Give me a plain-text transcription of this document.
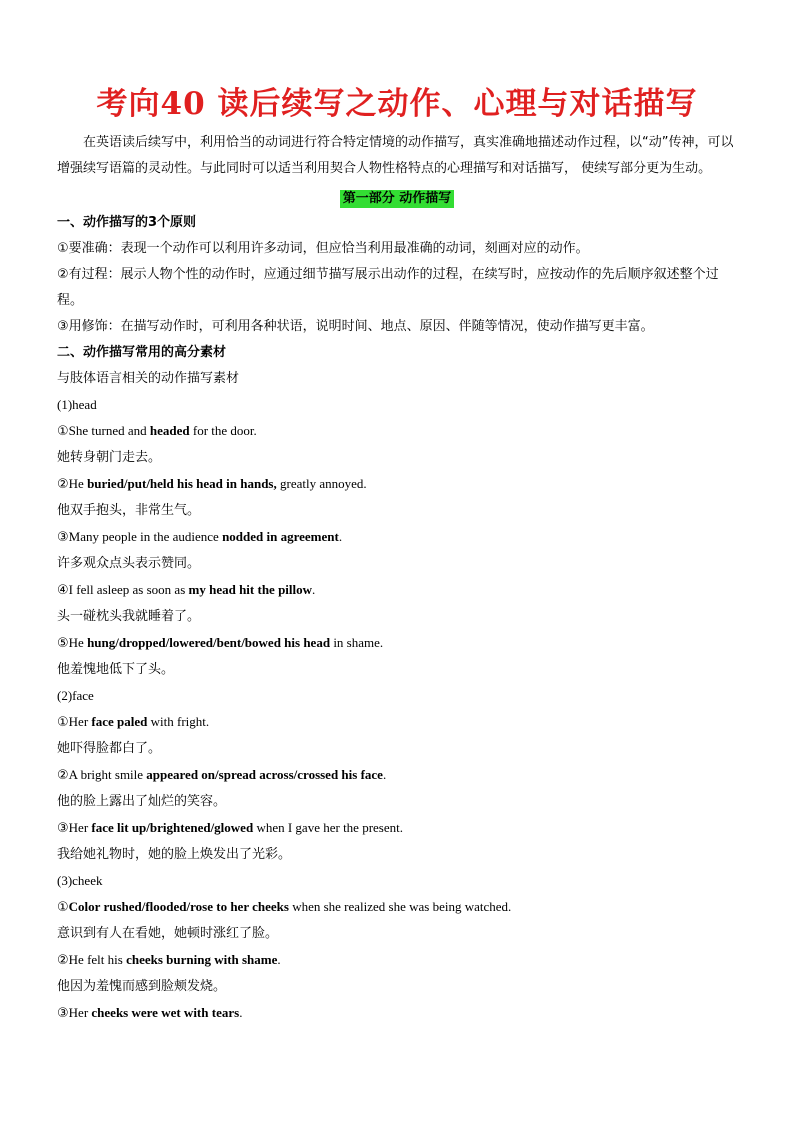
考向40 读后续写之动作、心理与对话描写

在英语读后续写中，利用恰当的动词进行符合特定情境的动作描写，真实准确地描述动作过程，以“动”传神，可以增强续写语篇的灵动性。与此同时可以适当利用契合人物性格特点的心理描写和对话描写， 使续写部分更为生动。

第一部分 动作描写

一、动作描写的3个原则

①要准确：表现一个动作可以利用许多动词，但应恰当利用最准确的动词，刻画对应的动作。

②有过程：展示人物个性的动作时，应通过细节描写展示出动作的过程，在续写时，应按动作的先后顺序叙述整个过程。

③用修饰：在描写动作时，可利用各种状语，说明时间、地点、原因、伴随等情况，使动作描写更丰富。

二、动作描写常用的高分素材

与肢体语言相关的动作描写素材

(1)head

①She turned and headed for the door.

她转身朝门走去。

②He buried/put/held his head in hands, greatly annoyed.

他双手抱头，非常生气。

③Many people in the audience nodded in agreement.

许多观众点头表示赞同。

④I fell asleep as soon as my head hit the pillow.

头一碰枕头我就睡着了。

⑤He hung/dropped/lowered/bent/bowed his head in shame.

他羞愧地低下了头。

(2)face

①Her face paled with fright.

她吓得脸都白了。

②A bright smile appeared on/spread across/crossed his face.

他的脸上露出了灿烂的笑容。

③Her face lit up/brightened/glowed when I gave her the present.

我给她礼物时，她的脸上焕发出了光彩。

(3)cheek

①Color rushed/flooded/rose to her cheeks when she realized she was being watched.

意识到有人在看她，她顿时涨红了脸。

②He felt his cheeks burning with shame.

他因为羞愧而感到脸颊发烧。

③Her cheeks were wet with tears.
